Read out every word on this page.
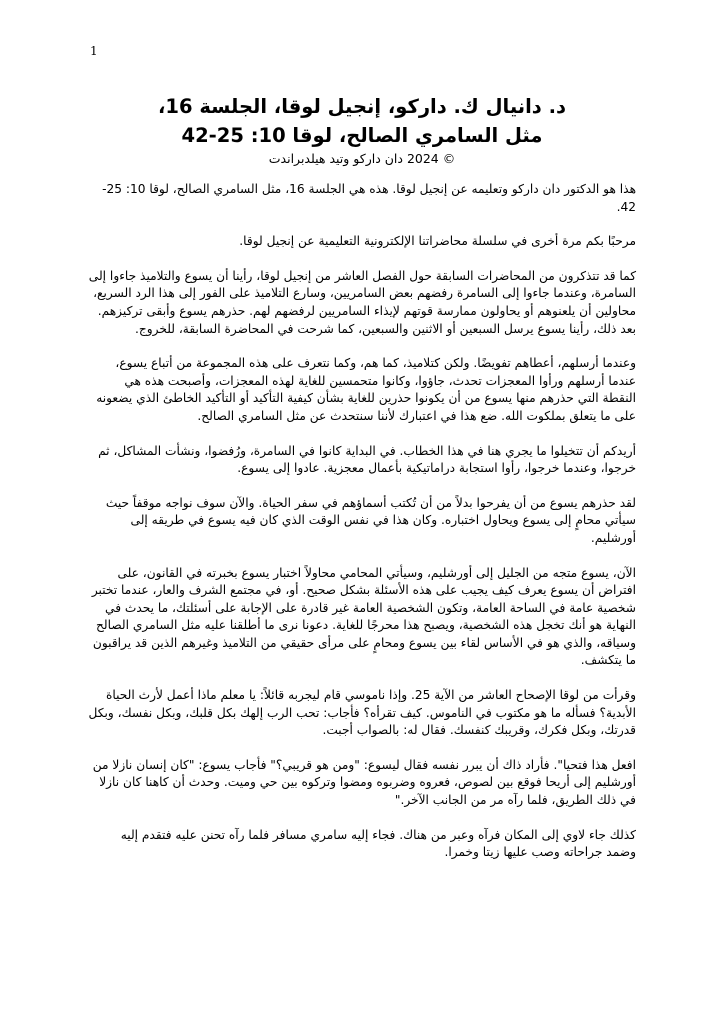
1

د. دانيال ك. داركو، إنجيل لوقا، الجلسة 16،

مثل السامري الصالح، لوقا 10: 25-42

© 2024 دان داركو وتيد هيلدبراندت

هذا هو الدكتور دان داركو وتعليمه عن إنجيل لوقا. هذه هي الجلسة 16، مثل السامري الصالح، لوقا 10: 25-42.

مرحبًا بكم مرة أخرى في سلسلة محاضراتنا الإلكترونية التعليمية عن إنجيل لوقا.

كما قد تتذكرون من المحاضرات السابقة حول الفصل العاشر من إنجيل لوقا، رأينا أن يسوع والتلاميذ جاءوا إلى السامرة، وعندما جاءوا إلى السامرة رفضهم بعض السامريين، وسارع التلاميذ على الفور إلى هذا الرد السريع، محاولين أن يلعنوهم أو يحاولون ممارسة قوتهم لإيذاء السامريين لرفضهم لهم. حذرهم يسوع وأبقى تركيزهم. بعد ذلك، رأينا يسوع يرسل السبعين أو الاثنين والسبعين، كما شرحت في المحاضرة السابقة، للخروج.

وعندما أرسلهم، أعطاهم تفويضًا. ولكن كتلاميذ، كما هم، وكما نتعرف على هذه المجموعة من أتباع يسوع، عندما أرسلهم ورأوا المعجزات تحدث، جاؤوا، وكانوا متحمسين للغاية لهذه المعجزات، وأصبحت هذه هي النقطة التي حذرهم منها يسوع من أن يكونوا حذرين للغاية بشأن كيفية التأكيد أو التأكيد الخاطئ الذي يضعونه على ما يتعلق بملكوت الله. ضع هذا في اعتبارك لأننا سنتحدث عن مثل السامري الصالح.

أريدكم أن تتخيلوا ما يجري هنا في هذا الخطاب. في البداية كانوا في السامرة، ورُفضوا، ونشأت المشاكل، ثم خرجوا، وعندما خرجوا، رأوا استجابة دراماتيكية بأعمال معجزية. عادوا إلى يسوع.

لقد حذرهم يسوع من أن يفرحوا بدلاً من أن تُكتب أسماؤهم في سفر الحياة. والآن سوف نواجه موقفاً حيث سيأتي محامٍ إلى يسوع ويحاول اختباره. وكان هذا في نفس الوقت الذي كان فيه يسوع في طريقه إلى أورشليم.

الآن، يسوع متجه من الجليل إلى أورشليم، وسيأتي المحامي محاولاً اختبار يسوع بخبرته في القانون، على افتراض أن يسوع يعرف كيف يجيب على هذه الأسئلة بشكل صحيح. أو، في مجتمع الشرف والعار، عندما تختبر شخصية عامة في الساحة العامة، وتكون الشخصية العامة غير قادرة على الإجابة على أسئلتك، ما يحدث في النهاية هو أنك تخجل هذه الشخصية، ويصبح هذا محرجًا للغاية. دعونا نرى ما أطلقنا عليه مثل السامري الصالح وسياقه، والذي هو في الأساس لقاء بين يسوع ومحامٍ على مرأى حقيقي من التلاميذ وغيرهم الذين قد يراقبون ما يتكشف.

وقرأت من لوقا الإصحاح العاشر من الآية 25. وإذا ناموسي قام ليجربه قائلاً: يا معلم ماذا أعمل لأرث الحياة الأبدية؟ فسأله ما هو مكتوب في الناموس. كيف تقرأه؟ فأجاب: تحب الرب إلهك بكل قلبك، وبكل نفسك، وبكل قدرتك، وبكل فكرك، وقريبك كنفسك. فقال له: بالصواب أجبت.

افعل هذا فتحيا". فأراد ذاك أن يبرر نفسه فقال ليسوع: "ومن هو قريبي؟" فأجاب يسوع: "كان إنسان نازلا من أورشليم إلى أريحا فوقع بين لصوص، فعروه وضربوه ومضوا وتركوه بين حي وميت. وحدث أن كاهنا كان نازلا في ذلك الطريق، فلما رآه مر من الجانب الآخر."

كذلك جاء لاوي إلى المكان فرآه وعبر من هناك. فجاء إليه سامري مسافر فلما رآه تحنن عليه فتقدم إليه وضمد جراحاته وصب عليها زيتا وخمرا.
